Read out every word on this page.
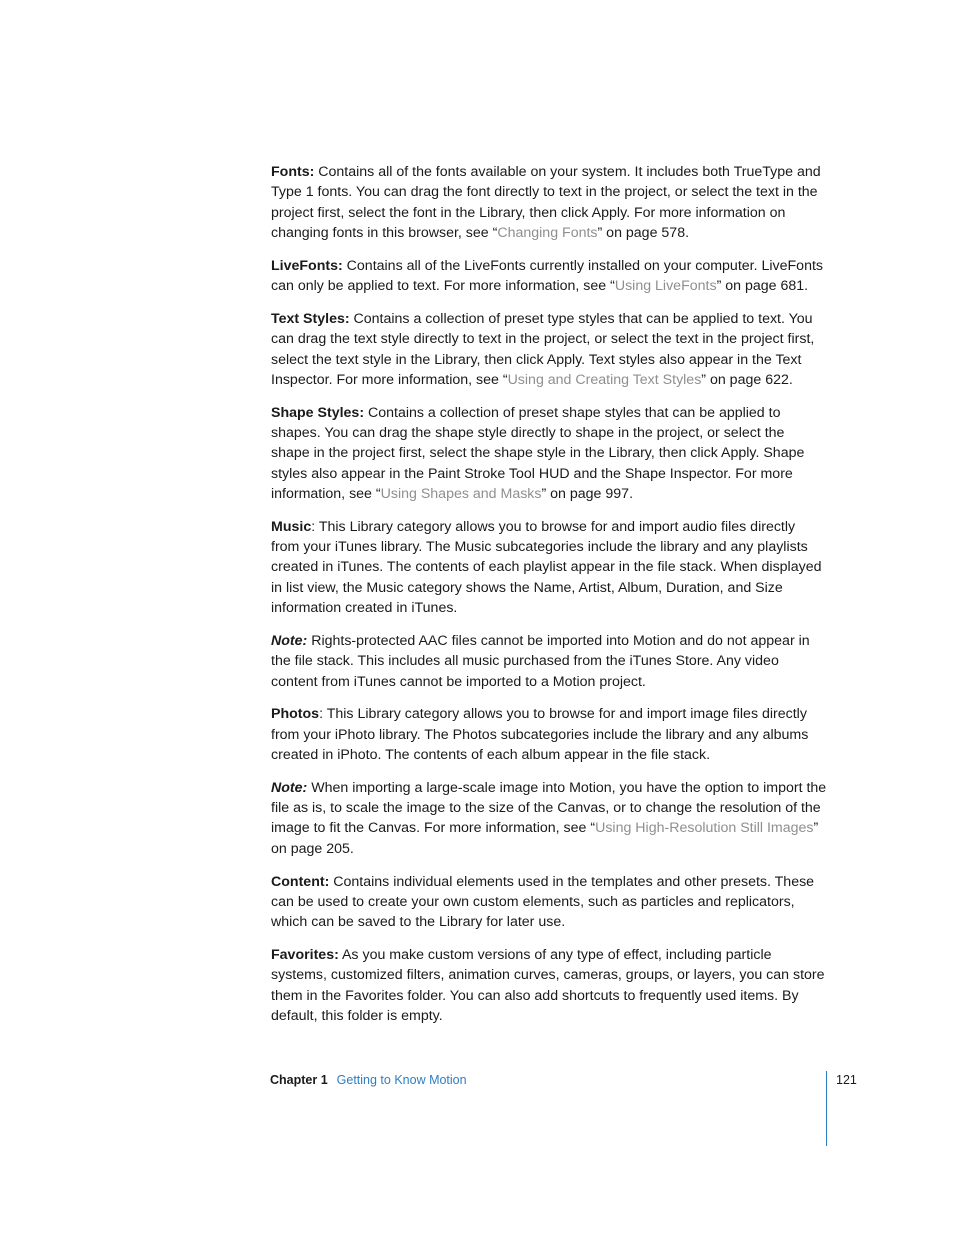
Fonts: Contains all of the fonts available on your system. It includes both TrueType and Type 1 fonts. You can drag the font directly to text in the project, or select the text in the project first, select the font in the Library, then click Apply. For more information on changing fonts in this browser, see “Changing Fonts” on page 578.

LiveFonts: Contains all of the LiveFonts currently installed on your computer. LiveFonts can only be applied to text. For more information, see “Using LiveFonts” on page 681.

Text Styles: Contains a collection of preset type styles that can be applied to text. You can drag the text style directly to text in the project, or select the text in the project first, select the text style in the Library, then click Apply. Text styles also appear in the Text Inspector. For more information, see “Using and Creating Text Styles” on page 622.

Shape Styles: Contains a collection of preset shape styles that can be applied to shapes. You can drag the shape style directly to shape in the project, or select the shape in the project first, select the shape style in the Library, then click Apply. Shape styles also appear in the Paint Stroke Tool HUD and the Shape Inspector. For more information, see “Using Shapes and Masks” on page 997.

Music: This Library category allows you to browse for and import audio files directly from your iTunes library. The Music subcategories include the library and any playlists created in iTunes. The contents of each playlist appear in the file stack. When displayed in list view, the Music category shows the Name, Artist, Album, Duration, and Size information created in iTunes.

Note: Rights-protected AAC files cannot be imported into Motion and do not appear in the file stack. This includes all music purchased from the iTunes Store. Any video content from iTunes cannot be imported to a Motion project.

Photos: This Library category allows you to browse for and import image files directly from your iPhoto library. The Photos subcategories include the library and any albums created in iPhoto. The contents of each album appear in the file stack.

Note: When importing a large-scale image into Motion, you have the option to import the file as is, to scale the image to the size of the Canvas, or to change the resolution of the image to fit the Canvas. For more information, see “Using High-Resolution Still Images” on page 205.

Content: Contains individual elements used in the templates and other presets. These can be used to create your own custom elements, such as particles and replicators, which can be saved to the Library for later use.

Favorites: As you make custom versions of any type of effect, including particle systems, customized filters, animation curves, cameras, groups, or layers, you can store them in the Favorites folder. You can also add shortcuts to frequently used items. By default, this folder is empty.

Chapter 1 Getting to Know Motion	121
